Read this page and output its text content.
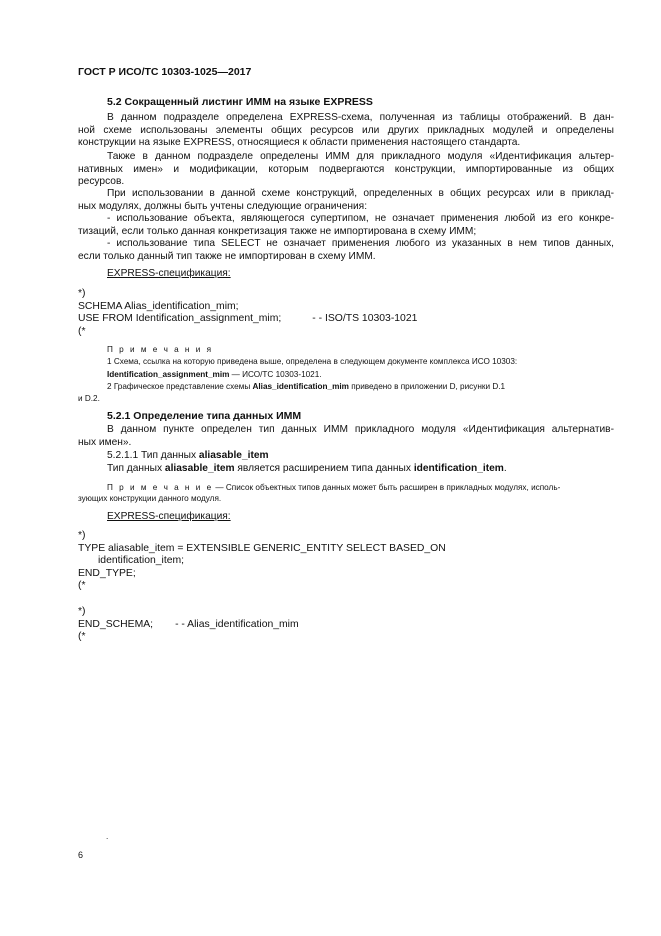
ГОСТ Р ИСО/ТС 10303-1025—2017
5.2 Сокращенный листинг ИММ на языке EXPRESS
В данном подразделе определена EXPRESS-схема, полученная из таблицы отображений. В дан-
ной схеме использованы элементы общих ресурсов или других прикладных модулей и определены
конструкции на языке EXPRESS, относящиеся к области применения настоящего стандарта.
Также в данном подразделе определены ИММ для прикладного модуля «Идентификация альтер-
нативных имен» и модификации, которым подвергаются конструкции, импортированные из общих
ресурсов.
При использовании в данной схеме конструкций, определенных в общих ресурсах или в приклад-
ных модулях, должны быть учтены следующие ограничения:
- использование объекта, являющегося супертипом, не означает применения любой из его конкре-
тизаций, если только данная конкретизация также не импортирована в схему ИММ;
- использование типа SELECT не означает применения любого из указанных в нем типов данных,
если только данный тип также не импортирован в схему ИММ.
EXPRESS-спецификация:
*)
SCHEMA Alias_identification_mim;
USE FROM Identification_assignment_mim;	- - ISO/TS 10303-1021
(*
П р и м е ч а н и я
1 Схема, ссылка на которую приведена выше, определена в следующем документе комплекса ИСО 10303:
Identification_assignment_mim — ИСО/ТС 10303-1021.
2 Графическое представление схемы Alias_identification_mim приведено в приложении D, рисунки D.1
и D.2.
5.2.1 Определение типа данных ИММ
В данном пункте определен тип данных ИММ прикладного модуля «Идентификация альтернатив-
ных имен».
5.2.1.1 Тип данных aliasable_item
Тип данных aliasable_item является расширением типа данных identification_item.
П р и м е ч а н и е — Список объектных типов данных может быть расширен в прикладных модулях, исполь-
зующих конструкции данного модуля.
EXPRESS-спецификация:
*)
TYPE aliasable_item = EXTENSIBLE GENERIC_ENTITY SELECT BASED_ON
identification_item;
END_TYPE;
(*
*)
END_SCHEMA; - - Alias_identification_mim
(*
.
6
